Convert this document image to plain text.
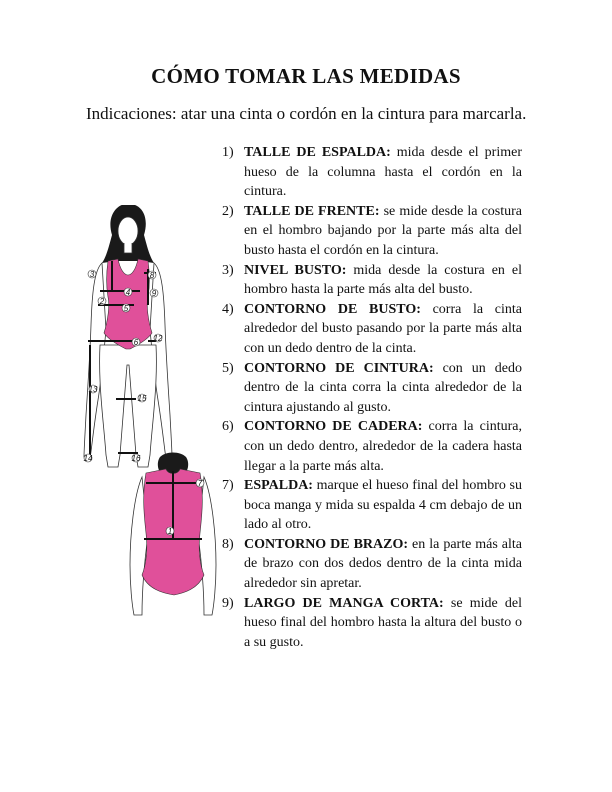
CÓMO TOMAR LAS MEDIDAS

Indicaciones: atar una cinta o cordón en la cintura para marcarla.

1) TALLE DE ESPALDA: mida desde el primer hueso de la columna hasta el cordón en la cintura.
2) TALLE DE FRENTE: se mide desde la costura en el hombro bajando por la parte más alta del busto hasta el cordón en la cintura.
3) NIVEL BUSTO: mida desde la costura en el hombro hasta la parte más alta del busto.
4) CONTORNO DE BUSTO: corra la cinta alrededor del busto pasando por la parte más alta con un dedo dentro de la cinta.
5) CONTORNO DE CINTURA: con un dedo dentro de la cinta corra la cinta alrededor de la cintura ajustando al gusto.
6) CONTORNO DE CADERA: corra la cintura, con un dedo dentro, alrededor de la cadera hasta llegar a la parte más alta.
7) ESPALDA: marque el hueso final del hombro su boca manga y mida su espalda 4 cm debajo de un lado al otro.
8) CONTORNO DE BRAZO: en la parte más alta de brazo con dos dedos dentro de la cinta mida alrededor sin apretar.
9) LARGO DE MANGA CORTA: se mide del hueso final del hombro hasta la altura del busto o a su gusto.
3	8
4	9
2
5
12
6
13
15
14	16
7
1
